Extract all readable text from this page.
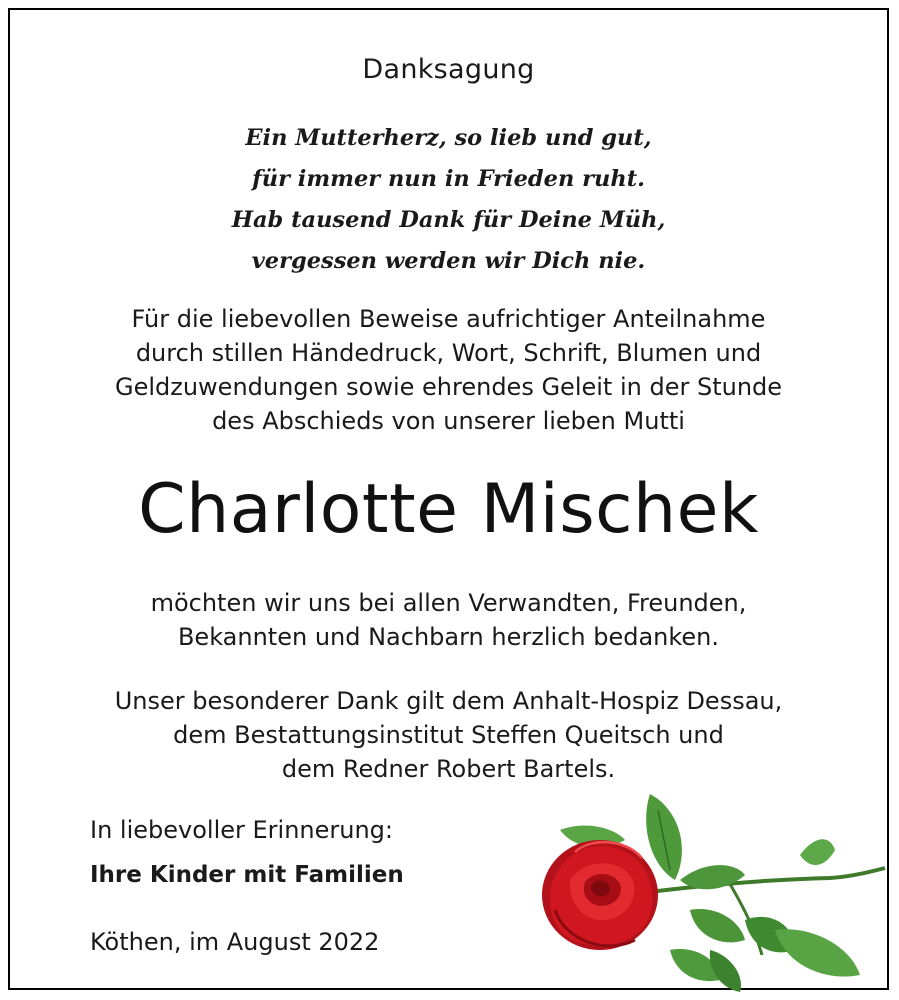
Danksagung
Ein Mutterherz, so lieb und gut,
für immer nun in Frieden ruht.
Hab tausend Dank für Deine Müh,
vergessen werden wir Dich nie.
Für die liebevollen Beweise aufrichtiger Anteilnahme
durch stillen Händedruck, Wort, Schrift, Blumen und
Geldzuwendungen sowie ehrendes Geleit in der Stunde
des Abschieds von unserer lieben Mutti
Charlotte Mischek
möchten wir uns bei allen Verwandten, Freunden,
Bekannten und Nachbarn herzlich bedanken.
Unser besonderer Dank gilt dem Anhalt-Hospiz Dessau,
dem Bestattungsinstitut Steffen Queitsch und
dem Redner Robert Bartels.
In liebevoller Erinnerung:
Ihre Kinder mit Familien
Köthen, im August 2022
